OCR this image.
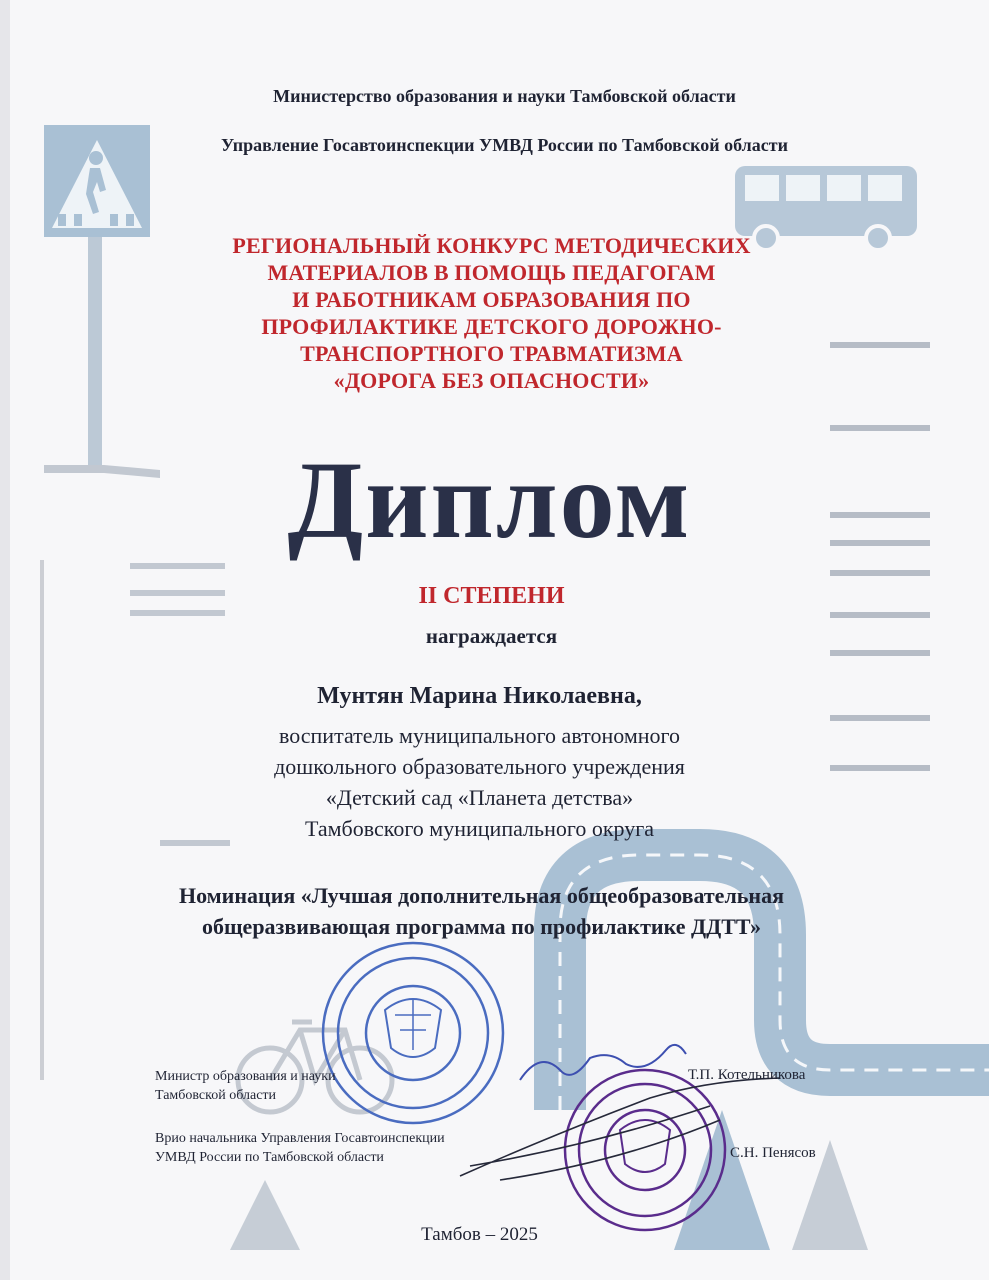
Министерство образования и науки Тамбовской области
Управление Госавтоинспекции УМВД России по Тамбовской области
РЕГИОНАЛЬНЫЙ КОНКУРС МЕТОДИЧЕСКИХ
МАТЕРИАЛОВ В ПОМОЩЬ ПЕДАГОГАМ
И РАБОТНИКАМ ОБРАЗОВАНИЯ ПО
ПРОФИЛАКТИКЕ ДЕТСКОГО ДОРОЖНО-
ТРАНСПОРТНОГО ТРАВМАТИЗМА
«ДОРОГА БЕЗ ОПАСНОСТИ»
Диплом
II СТЕПЕНИ
награждается
Мунтян Марина Николаевна,
воспитатель муниципального автономного
дошкольного образовательного учреждения
«Детский сад «Планета детства»
Тамбовского муниципального округа
Номинация «Лучшая дополнительная общеобразовательная
общеразвивающая программа по профилактике ДДТТ»
Министр образования и науки
Тамбовской области
Т.П. Котельникова
Врио начальника Управления Госавтоинспекции
УМВД России по Тамбовской области	С.Н. Пенясов
Тамбов – 2025
